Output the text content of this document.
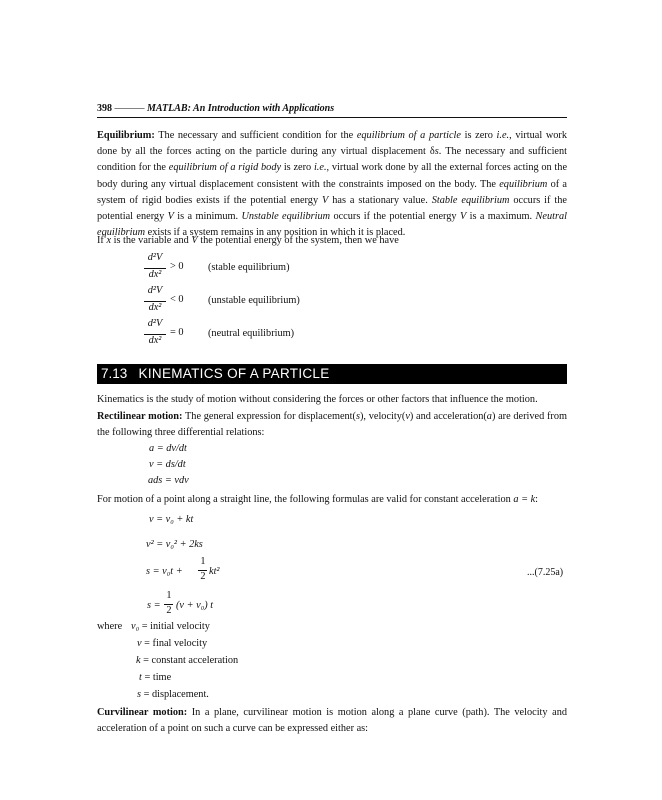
398 ——— MATLAB: An Introduction with Applications
Equilibrium: The necessary and sufficient condition for the equilibrium of a particle is zero i.e., virtual work done by all the forces acting on the particle during any virtual displacement δs. The necessary and sufficient condition for the equilibrium of a rigid body is zero i.e., virtual work done by all the external forces acting on the body during any virtual displacement consistent with the constraints imposed on the body. The equilibrium of a system of rigid bodies exists if the potential energy V has a stationary value. Stable equilibrium occurs if the potential energy V is a minimum. Unstable equilibrium occurs if the potential energy V is a maximum. Neutral equilibrium exists if a system remains in any position in which it is placed.
If x is the variable and V the potential energy of the system, then we have
d²V
dx²
> 0 (stable equilibrium)
d²V
dx²
< 0 (unstable equilibrium)
d²V
dx²
= 0 (neutral equilibrium)
7.13 KINEMATICS OF A PARTICLE
Kinematics is the study of motion without considering the forces or other factors that influence the motion.
Rectilinear motion: The general expression for displacement(s), velocity(v) and acceleration(a) are derived from the following three differential relations:
a = dv/dt
v = ds/dt
ads = vdv
For motion of a point along a straight line, the following formulas are valid for constant acceleration a = k:
v = v₀ + kt
v² = v₀² + 2ks
s = v₀t +
1
2 kt²	...(7.25a)
s =
1
2 (v + v₀) t
where v₀ = initial velocity
v = final velocity
k = constant acceleration
t = time
s = displacement.
Curvilinear motion: In a plane, curvilinear motion is motion along a plane curve (path). The velocity and acceleration of a point on such a curve can be expressed either as:
